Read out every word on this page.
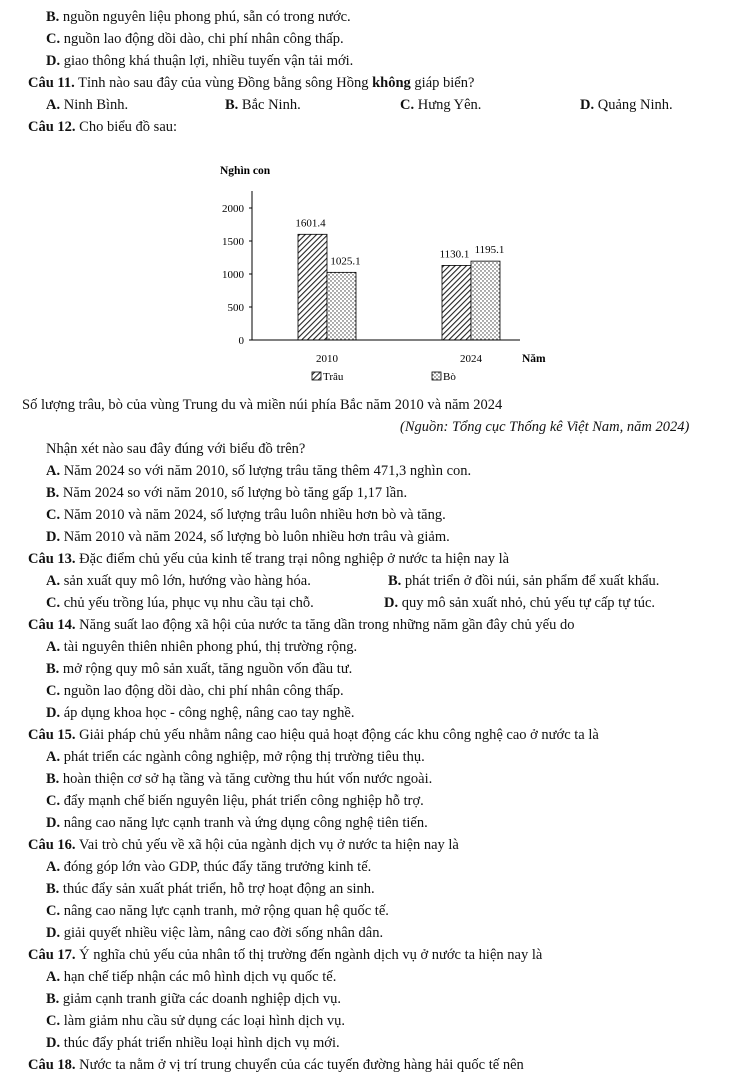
B. nguồn nguyên liệu phong phú, sẵn có trong nước.
C. nguồn lao động dồi dào, chi phí nhân công thấp.
D. giao thông khá thuận lợi, nhiều tuyến vận tải mới.
Câu 11. Tỉnh nào sau đây của vùng Đồng bằng sông Hồng không giáp biển?
A. Ninh Bình.	B. Bắc Ninh.	C. Hưng Yên.	D. Quảng Ninh.
Câu 12. Cho biểu đồ sau:
0
500
1000
1500
2000
1601.4
1025.1
1130.1 1195.1
2010	2024
Nghìn con
Năm
Trâu	Bò
Số lượng trâu, bò của vùng Trung du và miền núi phía Bắc năm 2010 và năm 2024
(Nguồn: Tổng cục Thống kê Việt Nam, năm 2024)
Nhận xét nào sau đây đúng với biểu đồ trên?
A. Năm 2024 so với năm 2010, số lượng trâu tăng thêm 471,3 nghìn con.
B. Năm 2024 so với năm 2010, số lượng bò tăng gấp 1,17 lần.
C. Năm 2010 và năm 2024, số lượng trâu luôn nhiều hơn bò và tăng.
D. Năm 2010 và năm 2024, số lượng bò luôn nhiều hơn trâu và giảm.
Câu 13. Đặc điểm chủ yếu của kinh tế trang trại nông nghiệp ở nước ta hiện nay là
A. sản xuất quy mô lớn, hướng vào hàng hóa.	B. phát triển ở đồi núi, sản phẩm để xuất khẩu.
C. chủ yếu trồng lúa, phục vụ nhu cầu tại chỗ.	D. quy mô sản xuất nhỏ, chủ yếu tự cấp tự túc.
Câu 14. Năng suất lao động xã hội của nước ta tăng dần trong những năm gần đây chủ yếu do
A. tài nguyên thiên nhiên phong phú, thị trường rộng.
B. mở rộng quy mô sản xuất, tăng nguồn vốn đầu tư.
C. nguồn lao động dồi dào, chi phí nhân công thấp.
D. áp dụng khoa học - công nghệ, nâng cao tay nghề.
Câu 15. Giải pháp chủ yếu nhằm nâng cao hiệu quả hoạt động các khu công nghệ cao ở nước ta là
A. phát triển các ngành công nghiệp, mở rộng thị trường tiêu thụ.
B. hoàn thiện cơ sở hạ tầng và tăng cường thu hút vốn nước ngoài.
C. đẩy mạnh chế biến nguyên liệu, phát triển công nghiệp hỗ trợ.
D. nâng cao năng lực cạnh tranh và ứng dụng công nghệ tiên tiến.
Câu 16. Vai trò chủ yếu về xã hội của ngành dịch vụ ở nước ta hiện nay là
A. đóng góp lớn vào GDP, thúc đẩy tăng trưởng kinh tế.
B. thúc đẩy sản xuất phát triển, hỗ trợ hoạt động an sinh.
C. nâng cao năng lực cạnh tranh, mở rộng quan hệ quốc tế.
D. giải quyết nhiều việc làm, nâng cao đời sống nhân dân.
Câu 17. Ý nghĩa chủ yếu của nhân tố thị trường đến ngành dịch vụ ở nước ta hiện nay là
A. hạn chế tiếp nhận các mô hình dịch vụ quốc tế.
B. giảm cạnh tranh giữa các doanh nghiệp dịch vụ.
C. làm giảm nhu cầu sử dụng các loại hình dịch vụ.
D. thúc đẩy phát triển nhiều loại hình dịch vụ mới.
Câu 18. Nước ta nằm ở vị trí trung chuyển của các tuyến đường hàng hải quốc tế nên
